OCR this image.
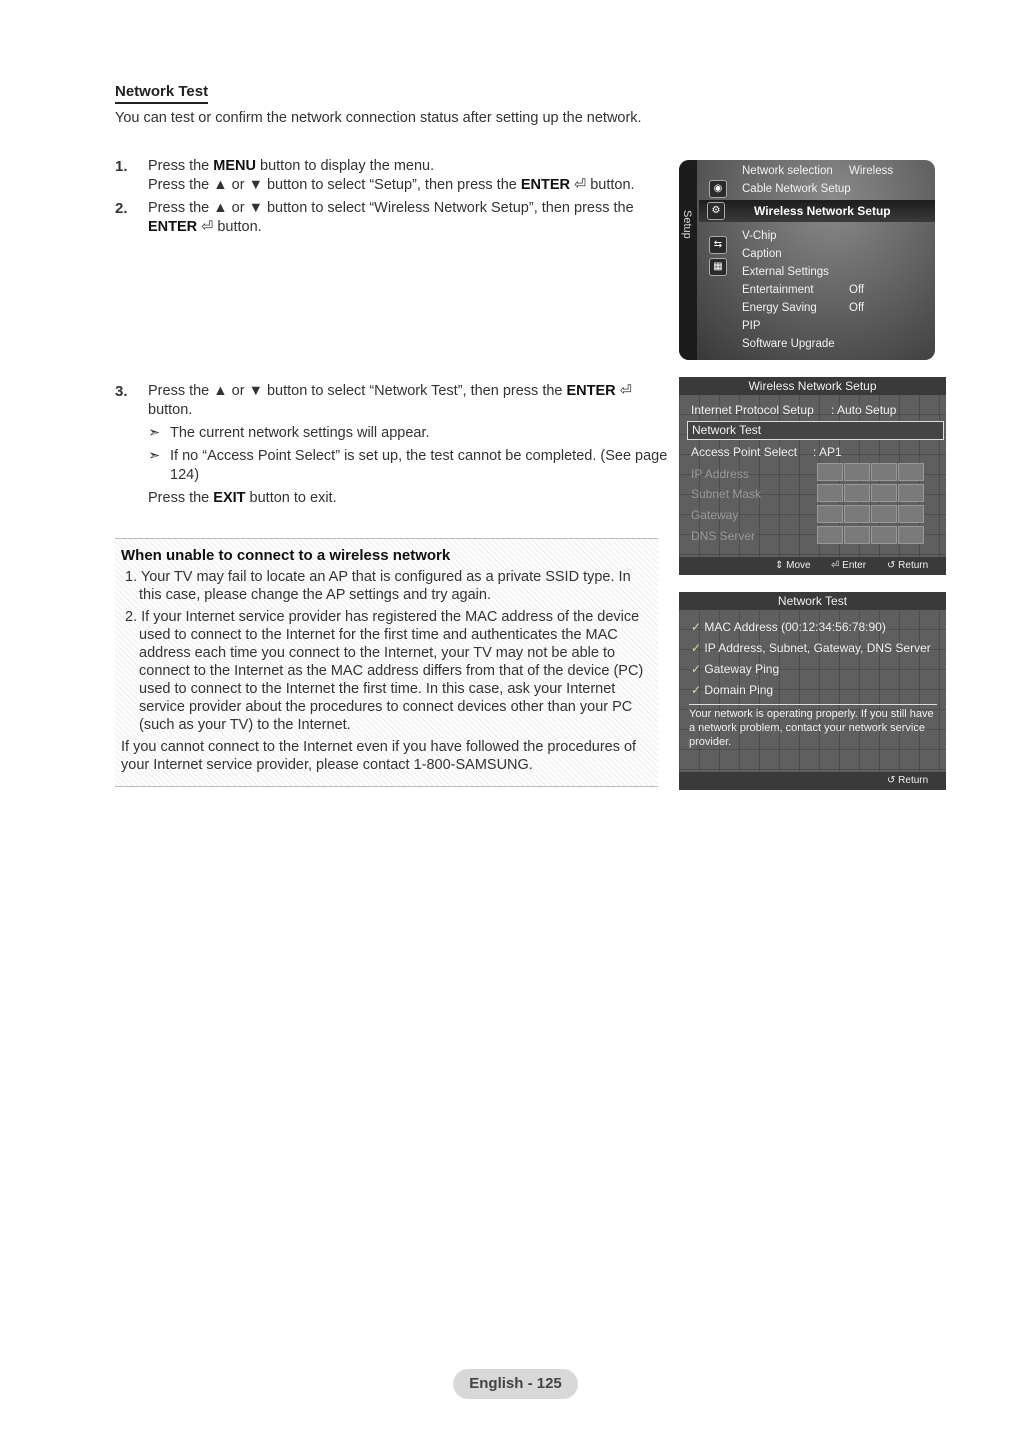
Network Test
You can test or confirm the network connection status after setting up the network.
1. Press the MENU button to display the menu.
Press the ▲ or ▼ button to select “Setup”, then press the ENTER ⏎ button.
2. Press the ▲ or ▼ button to select “Wireless Network Setup”, then press the ENTER ⏎ button.
3. Press the ▲ or ▼ button to select “Network Test”, then press the ENTER ⏎ button.
➣ The current network settings will appear.
➣ If no “Access Point Select” is set up, the test cannot be completed. (See page 124)
Press the EXIT button to exit.
When unable to connect to a wireless network

1. Your TV may fail to locate an AP that is configured as a private SSID type. In this case, please change the AP settings and try again.

2. If your Internet service provider has registered the MAC address of the device used to connect to the Internet for the first time and authenticates the MAC address each time you connect to the Internet, your TV may not be able to connect to the Internet as the MAC address differs from that of the device (PC) used to connect to the Internet the first time. In this case, ask your Internet service provider about the procedures to connect devices other than your PC (such as your TV) to the Internet.

If you cannot connect to the Internet even if you have followed the procedures of your Internet service provider, please contact 1-800-SAMSUNG.

Setup
◉
⇆
▦
Network selection Wireless
Cable Network Setup
⚙	Wireless Network Setup
V-Chip
Caption
External Settings
Entertainment	Off
Energy Saving	Off
PIP
Software Upgrade
Wireless Network Setup
Internet Protocol Setup : Auto Setup
Network Test
Access Point Select : AP1
IP Address
Subnet Mask
Gateway
DNS Server
⇕ Move ⏎ Enter ↺ Return
Network Test
✓ MAC Address (00:12:34:56:78:90)
✓ IP Address, Subnet, Gateway, DNS Server
✓ Gateway Ping
✓ Domain Ping
Your network is operating properly. If you still have a network problem, contact your network service provider.
↺ Return
English - 125
